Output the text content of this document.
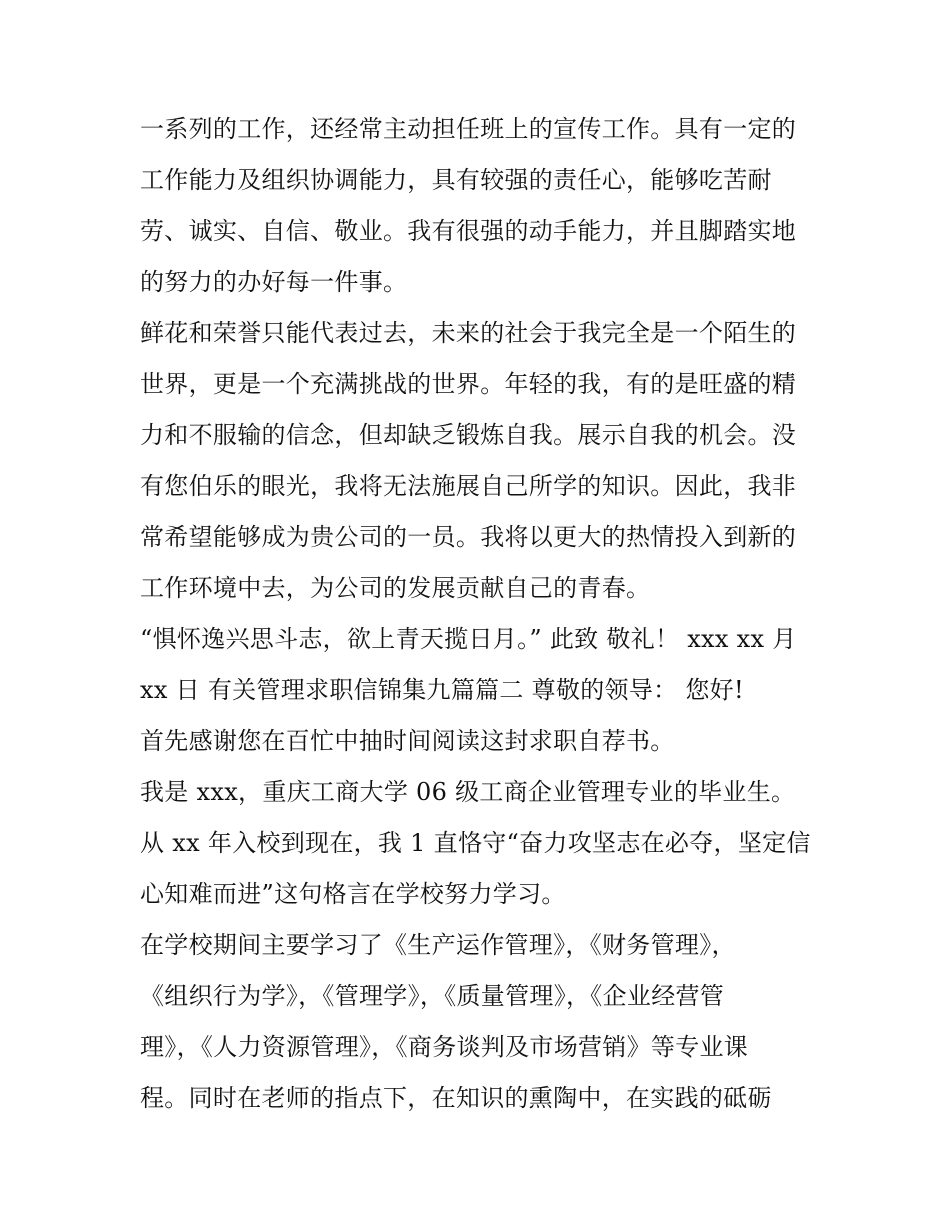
一系列的工作，还经常主动担任班上的宣传工作。具有一定的
工作能力及组织协调能力，具有较强的责任心，能够吃苦耐
劳、诚实、自信、敬业。我有很强的动手能力，并且脚踏实地
的努力的办好每一件事。
鲜花和荣誉只能代表过去，未来的社会于我完全是一个陌生的
世界，更是一个充满挑战的世界。年轻的我，有的是旺盛的精
力和不服输的信念，但却缺乏锻炼自我。展示自我的机会。没
有您伯乐的眼光，我将无法施展自己所学的知识。因此，我非
常希望能够成为贵公司的一员。我将以更大的热情投入到新的
工作环境中去，为公司的发展贡献自己的青春。
“惧怀逸兴思斗志，欲上青天揽日月。” 此致 敬礼！ xxx xx 月
xx 日 有关管理求职信锦集九篇篇二 尊敬的领导： 您好!
首先感谢您在百忙中抽时间阅读这封求职自荐书。
我是 xxx，重庆工商大学 06 级工商企业管理专业的毕业生。
从 xx 年入校到现在，我 1 直恪守“奋力攻坚志在必夺，坚定信
心知难而进”这句格言在学校努力学习。
在学校期间主要学习了《生产运作管理》，《财务管理》，
《组织行为学》，《管理学》，《质量管理》，《企业经营管
理》，《人力资源管理》，《商务谈判及市场营销》等专业课
程。同时在老师的指点下，在知识的熏陶中，在实践的砥砺
